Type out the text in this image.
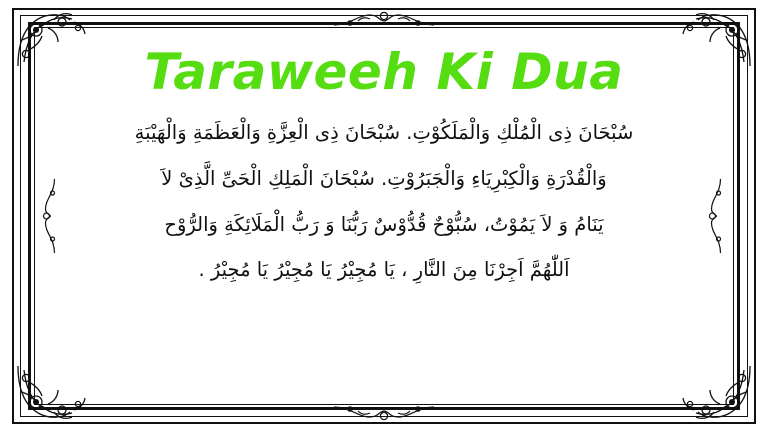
Taraweeh Ki Dua
سُبْحَانَ ذِى الْمُلْكِ وَالْمَلَكُوْتِ. سُبْحَانَ ذِى الْعِزَّةِ وَالْعَظَمَةِ وَالْهَيْبَةِ
وَالْقُدْرَةِ وَالْكِبْرِيَاءِ وَالْجَبَرُوْتِ. سُبْحَانَ الْمَلِكِ الْحَىِّ الَّذِىْ لاَ
يَنَامُ وَ لاَ يَمُوْتُ، سُبُّوْحٌ قُدُّوْسٌ رَبُّنَا وَ رَبُّ الْمَلَائِكَةِ وَالرُّوْح
اَللّٰهُمَّ اَجِرْنَا مِنَ النَّارِ ، يَا مُجِيْرُ يَا مُجِيْرُ يَا مُجِيْرُ .
